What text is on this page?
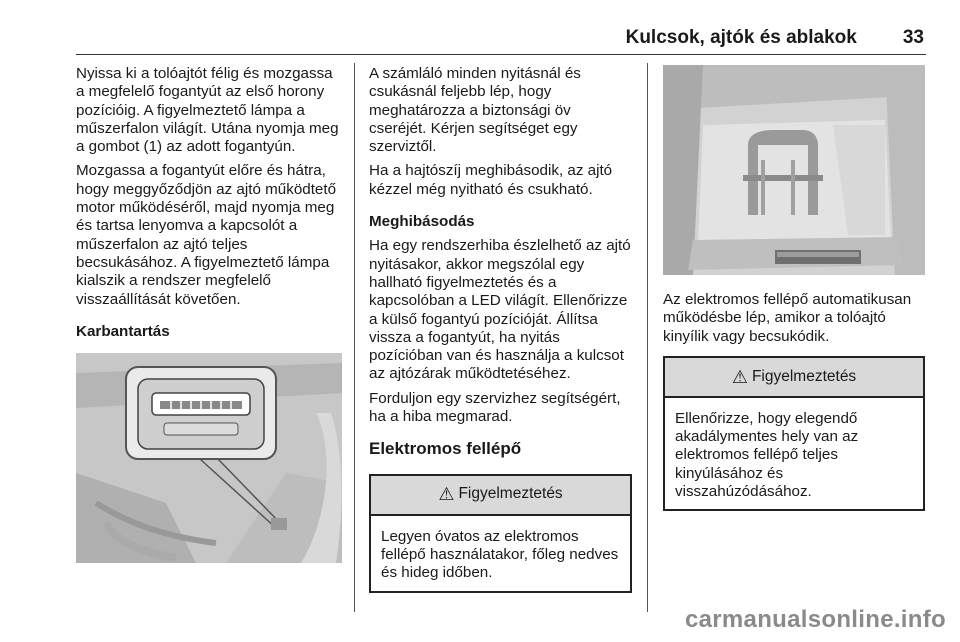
Kulcsok, ajtók és ablakok 33

Nyissa ki a tolóajtót félig és mozgassa a megfelelő fogantyút az első horony pozícióig. A figyelmeztető lámpa a műszerfalon világít. Utána nyomja meg a gombot (1) az adott fogantyún.

Mozgassa a fogantyút előre és hátra, hogy meggyőződjön az ajtó működtető motor működéséről, majd nyomja meg és tartsa lenyomva a kapcsolót a műszerfalon az ajtó teljes becsukásához. A figyelmeztető lámpa kialszik a rendszer megfelelő visszaállítását követően.

Karbantartás

A számláló minden nyitásnál és csukásnál feljebb lép, hogy meghatározza a biztonsági öv cseréjét. Kérjen segítséget egy szerviztől.

Ha a hajtószíj meghibásodik, az ajtó kézzel még nyitható és csukható.

Meghibásodás

Ha egy rendszerhiba észlelhető az ajtó nyitásakor, akkor megszólal egy hallható figyelmeztetés és a kapcsolóban a LED világít. Ellenőrizze a külső fogantyú pozícióját. Állítsa vissza a fogantyút, ha nyitás pozícióban van és használja a kulcsot az ajtózárak működtetéséhez.

Forduljon egy szervizhez segítségért, ha a hiba megmarad.

Elektromos fellépő
⚠ Figyelmeztetés
Legyen óvatos az elektromos fellépő használatakor, főleg nedves és hideg időben.

Az elektromos fellépő automatikusan működésbe lép, amikor a tolóajtó kinyílik vagy becsukódik.

⚠ Figyelmeztetés
Ellenőrizze, hogy elegendő akadálymentes hely van az elektromos fellépő teljes kinyúlásához és visszahúzódásához.
carmanualsonline.info
